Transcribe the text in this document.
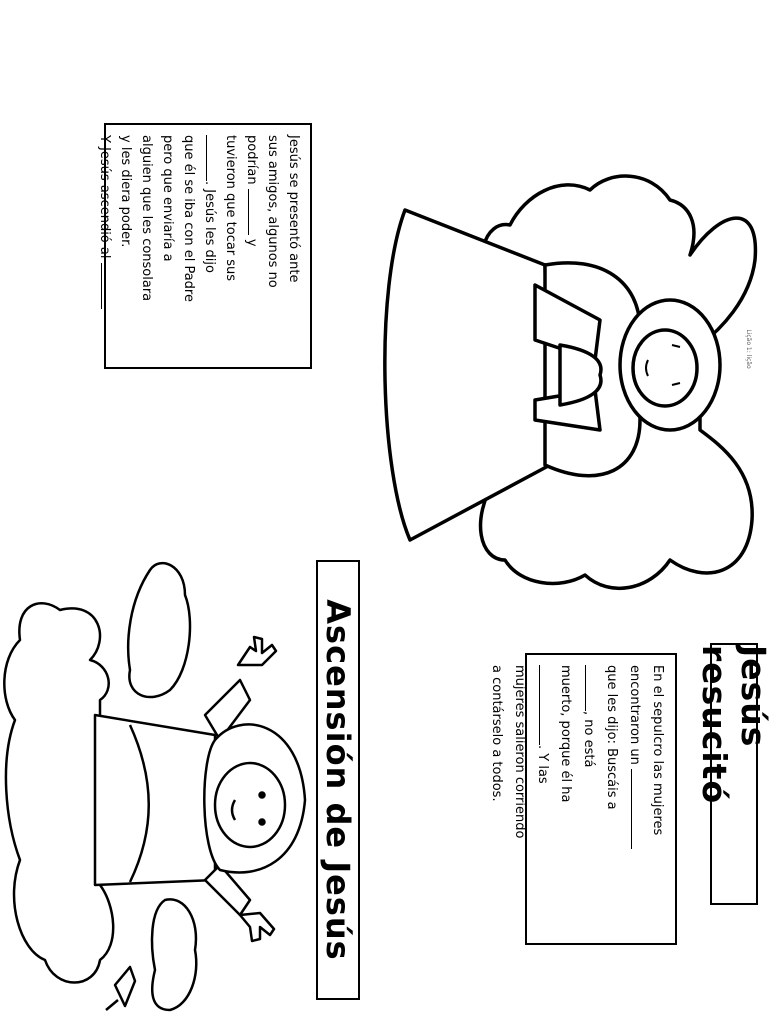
Lição 1: lição
Jesús resucitó

En el sepulcro las mujeres

encontraron un

que les dijo: Buscáis a

, no está

muerto, porque él ha

. Y las

mujeres salieron corriendo

a contárselo a todos.

Ascensión de Jesús

Jesús se presentó ante

sus amigos, algunos no

podrían  y

tuvieron que tocar sus

. Jesús les dijo

que él se iba con el Padre

pero que enviaría a

alguien que les consolara

y les diera poder.

Y Jesús ascendió al
